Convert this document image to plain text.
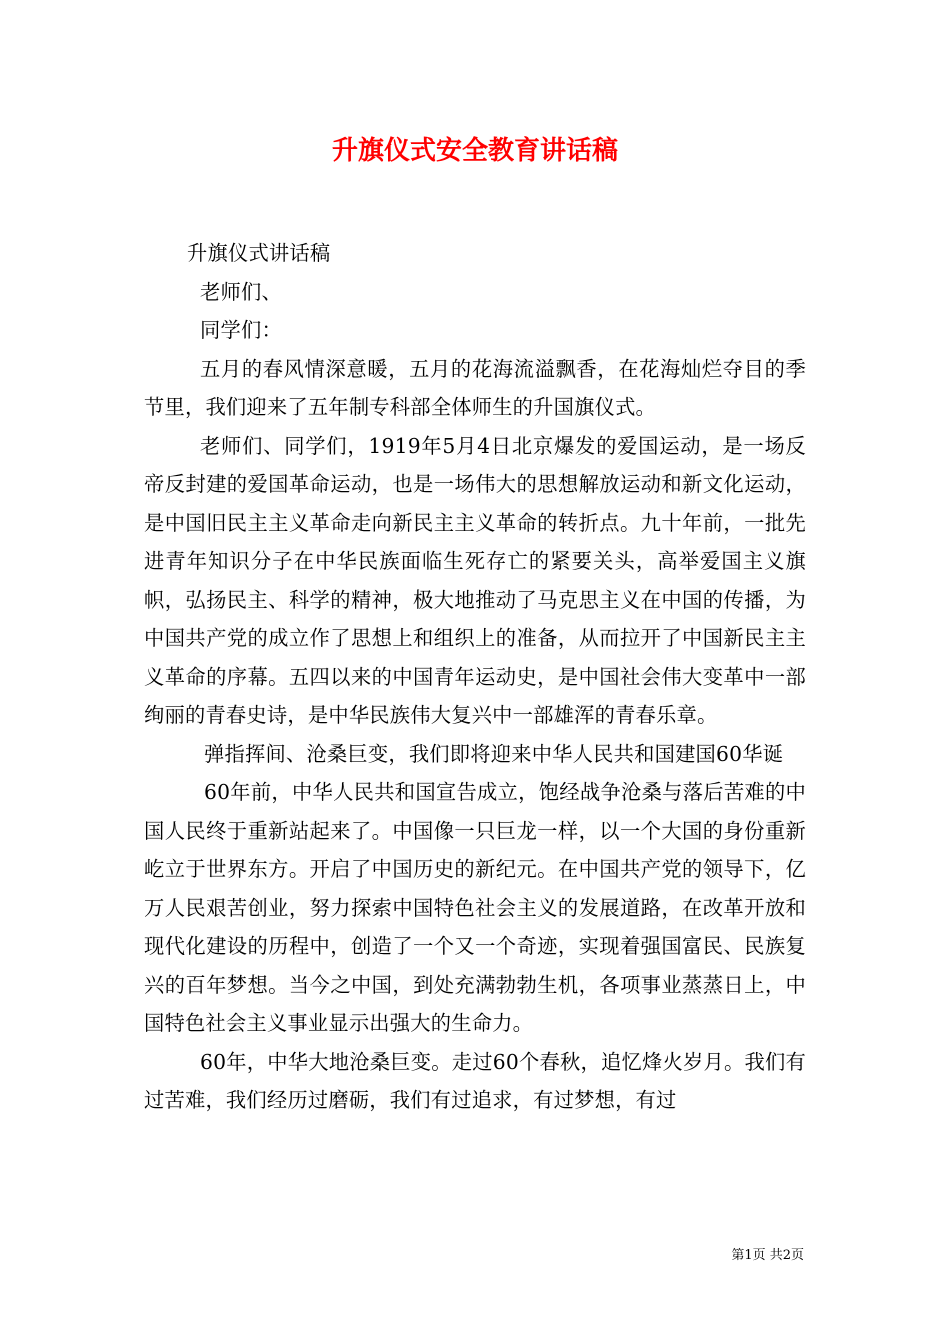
升旗仪式安全教育讲话稿

升旗仪式讲话稿

老师们、

同学们：

五月的春风情深意暖，五月的花海流溢飘香，在花海灿烂夺目的季节里，我们迎来了五年制专科部全体师生的升国旗仪式。

老师们、同学们，1919年5月4日北京爆发的爱国运动，是一场反帝反封建的爱国革命运动，也是一场伟大的思想解放运动和新文化运动，是中国旧民主主义革命走向新民主主义革命的转折点。九十年前，一批先进青年知识分子在中华民族面临生死存亡的紧要关头，高举爱国主义旗帜，弘扬民主、科学的精神，极大地推动了马克思主义在中国的传播，为中国共产党的成立作了思想上和组织上的准备，从而拉开了中国新民主主义革命的序幕。五四以来的中国青年运动史，是中国社会伟大变革中一部绚丽的青春史诗，是中华民族伟大复兴中一部雄浑的青春乐章。

弹指挥间、沧桑巨变，我们即将迎来中华人民共和国建国60华诞

60年前，中华人民共和国宣告成立，饱经战争沧桑与落后苦难的中国人民终于重新站起来了。中国像一只巨龙一样，以一个大国的身份重新屹立于世界东方。开启了中国历史的新纪元。在中国共产党的领导下，亿万人民艰苦创业，努力探索中国特色社会主义的发展道路，在改革开放和现代化建设的历程中，创造了一个又一个奇迹，实现着强国富民、民族复兴的百年梦想。当今之中国，到处充满勃勃生机，各项事业蒸蒸日上，中国特色社会主义事业显示出强大的生命力。

60年，中华大地沧桑巨变。走过60个春秋，追忆烽火岁月。我们有过苦难，我们经历过磨砺，我们有过追求，有过梦想，有过

第1页 共2页
